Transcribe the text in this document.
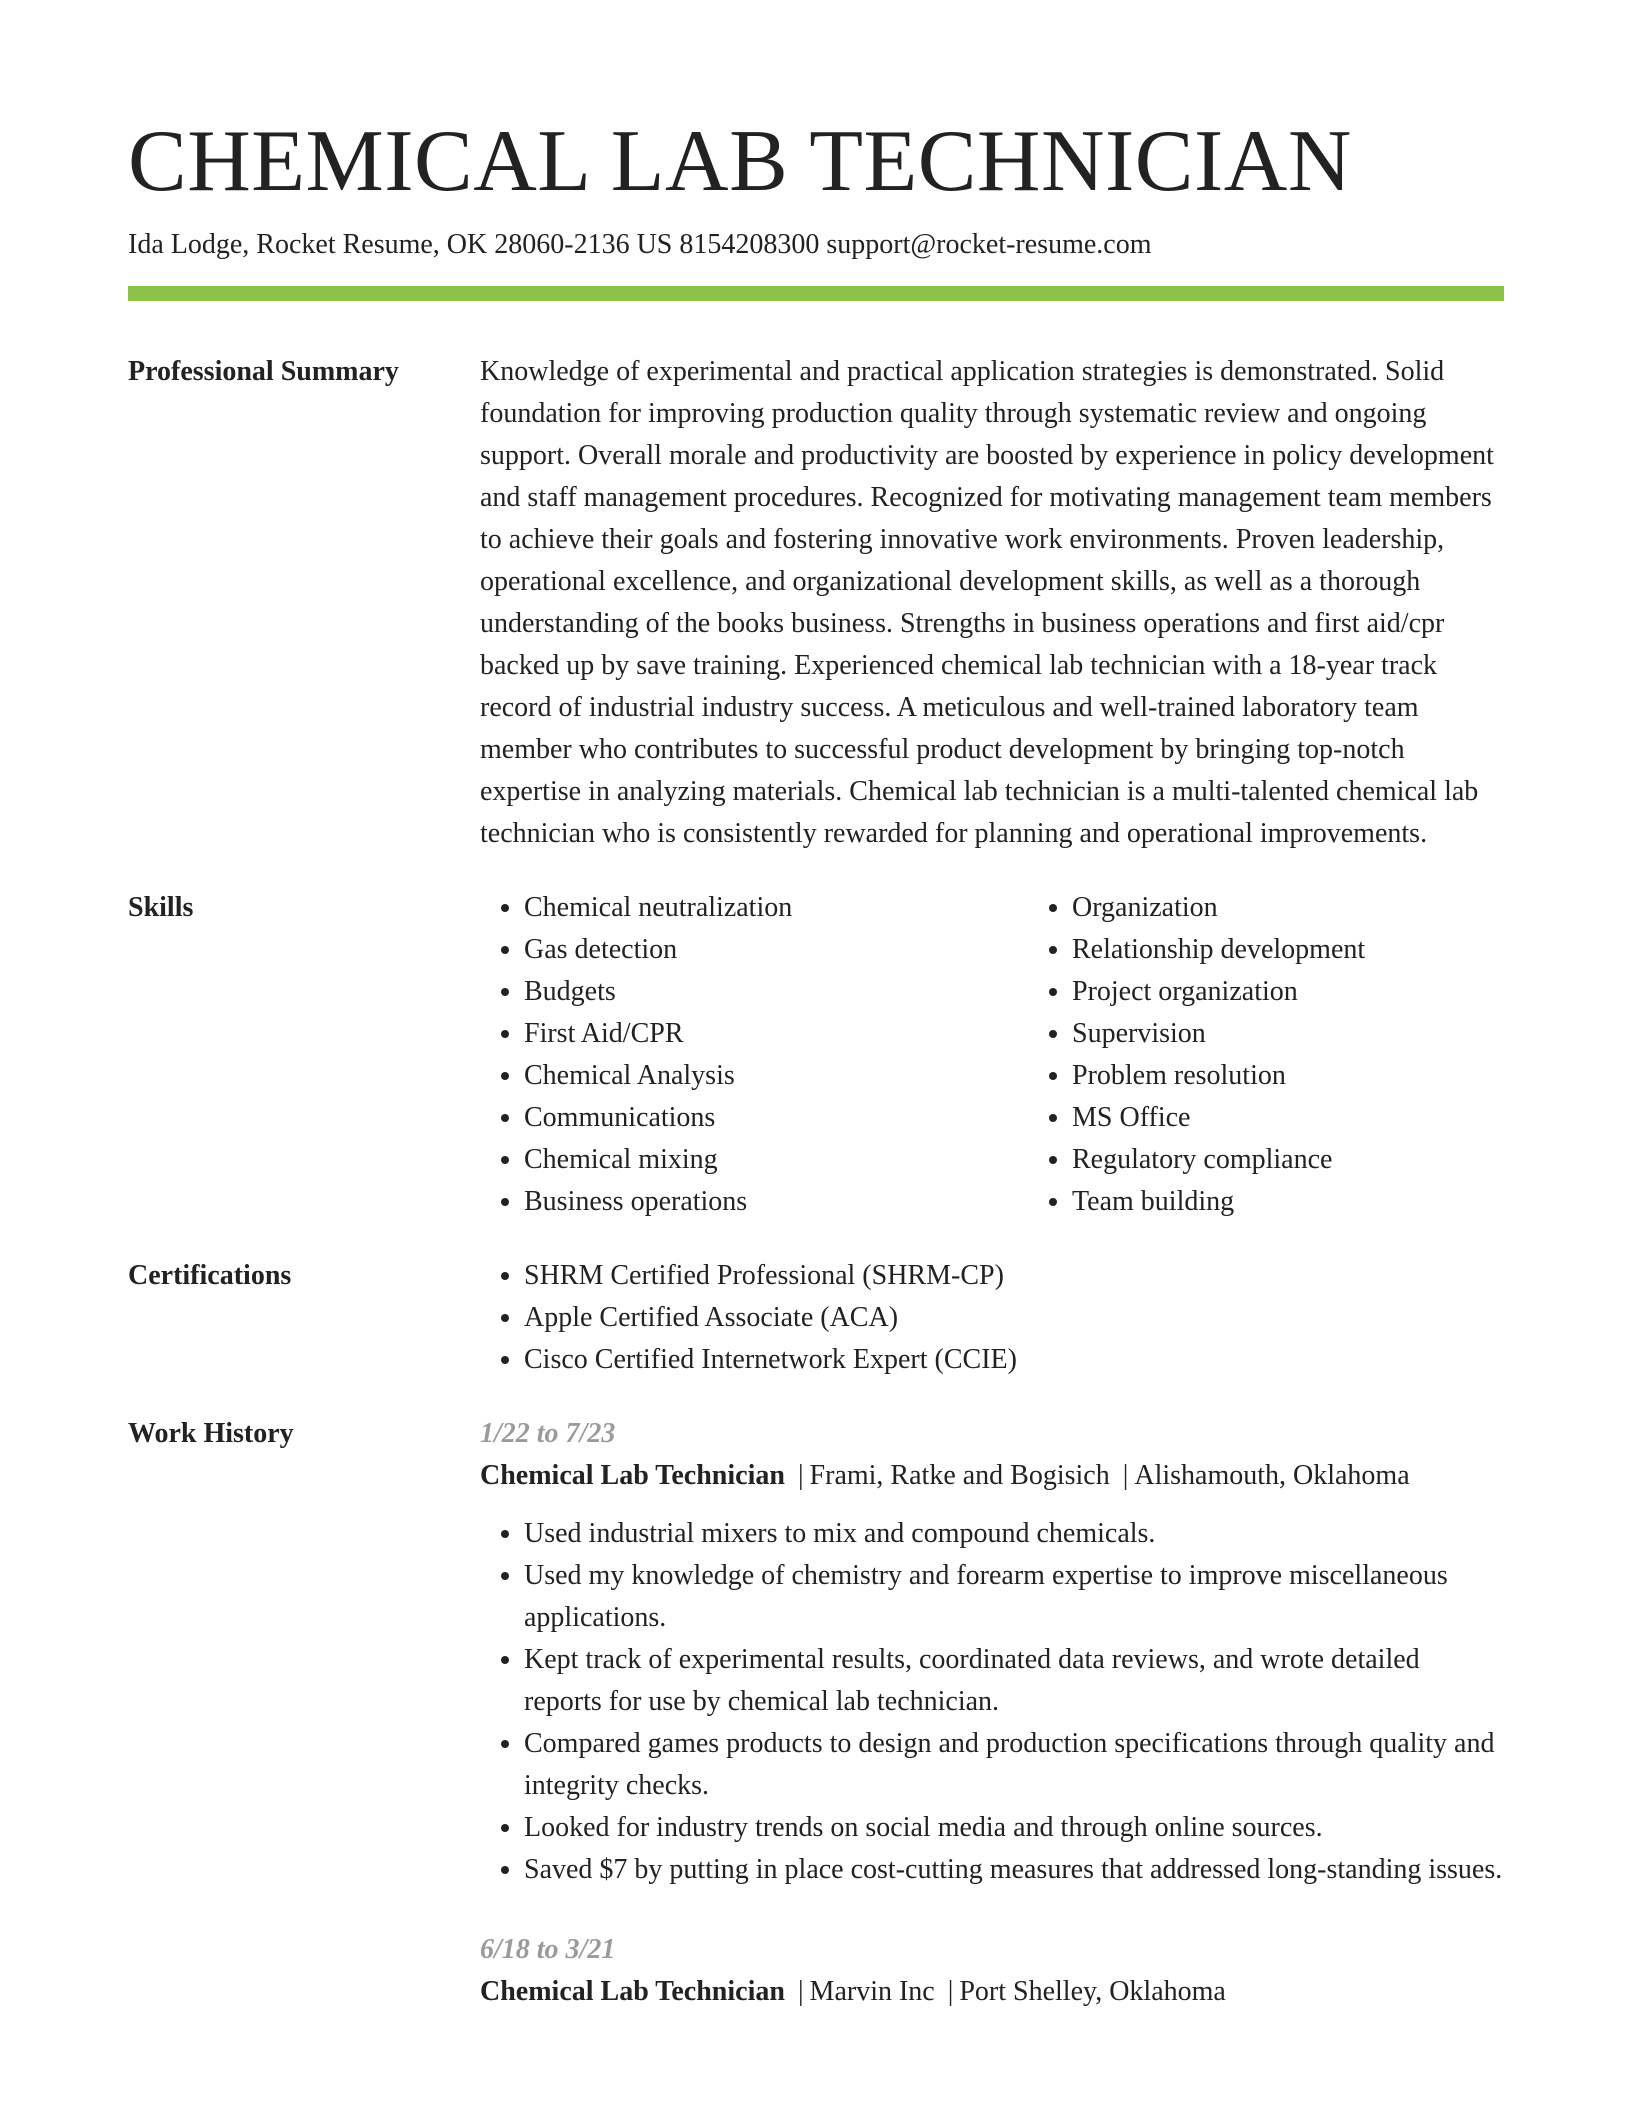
CHEMICAL LAB TECHNICIAN
Ida Lodge, Rocket Resume, OK 28060-2136 US 8154208300 support@rocket-resume.com
Professional Summary	Knowledge of experimental and practical application strategies is demonstrated. Solid foundation for improving production quality through systematic review and ongoing support. Overall morale and productivity are boosted by experience in policy development and staff management procedures. Recognized for motivating management team members to achieve their goals and fostering innovative work environments. Proven leadership, operational excellence, and organizational development skills, as well as a thorough understanding of the books business. Strengths in business operations and first aid/cpr backed up by save training. Experienced chemical lab technician with a 18-year track record of industrial industry success. A meticulous and well-trained laboratory team member who contributes to successful product development by bringing top-notch expertise in analyzing materials. Chemical lab technician is a multi-talented chemical lab technician who is consistently rewarded for planning and operational improvements.
Skills	• Chemical neutralization
• Gas detection
• Budgets
• First Aid/CPR
• Chemical Analysis
• Communications
• Chemical mixing
• Business operations
• Organization
• Relationship development
• Project organization
• Supervision
• Problem resolution
• MS Office
• Regulatory compliance
• Team building
Certifications	• SHRM Certified Professional (SHRM-CP)
• Apple Certified Associate (ACA)
• Cisco Certified Internetwork Expert (CCIE)
Work History	1/22 to 7/23
Chemical Lab Technician | Frami, Ratke and Bogisich | Alishamouth, Oklahoma
• Used industrial mixers to mix and compound chemicals.
• Used my knowledge of chemistry and forearm expertise to improve miscellaneous applications.
• Kept track of experimental results, coordinated data reviews, and wrote detailed reports for use by chemical lab technician.
• Compared games products to design and production specifications through quality and integrity checks.
• Looked for industry trends on social media and through online sources.
• Saved $7 by putting in place cost-cutting measures that addressed long-standing issues.
6/18 to 3/21
Chemical Lab Technician | Marvin Inc | Port Shelley, Oklahoma
